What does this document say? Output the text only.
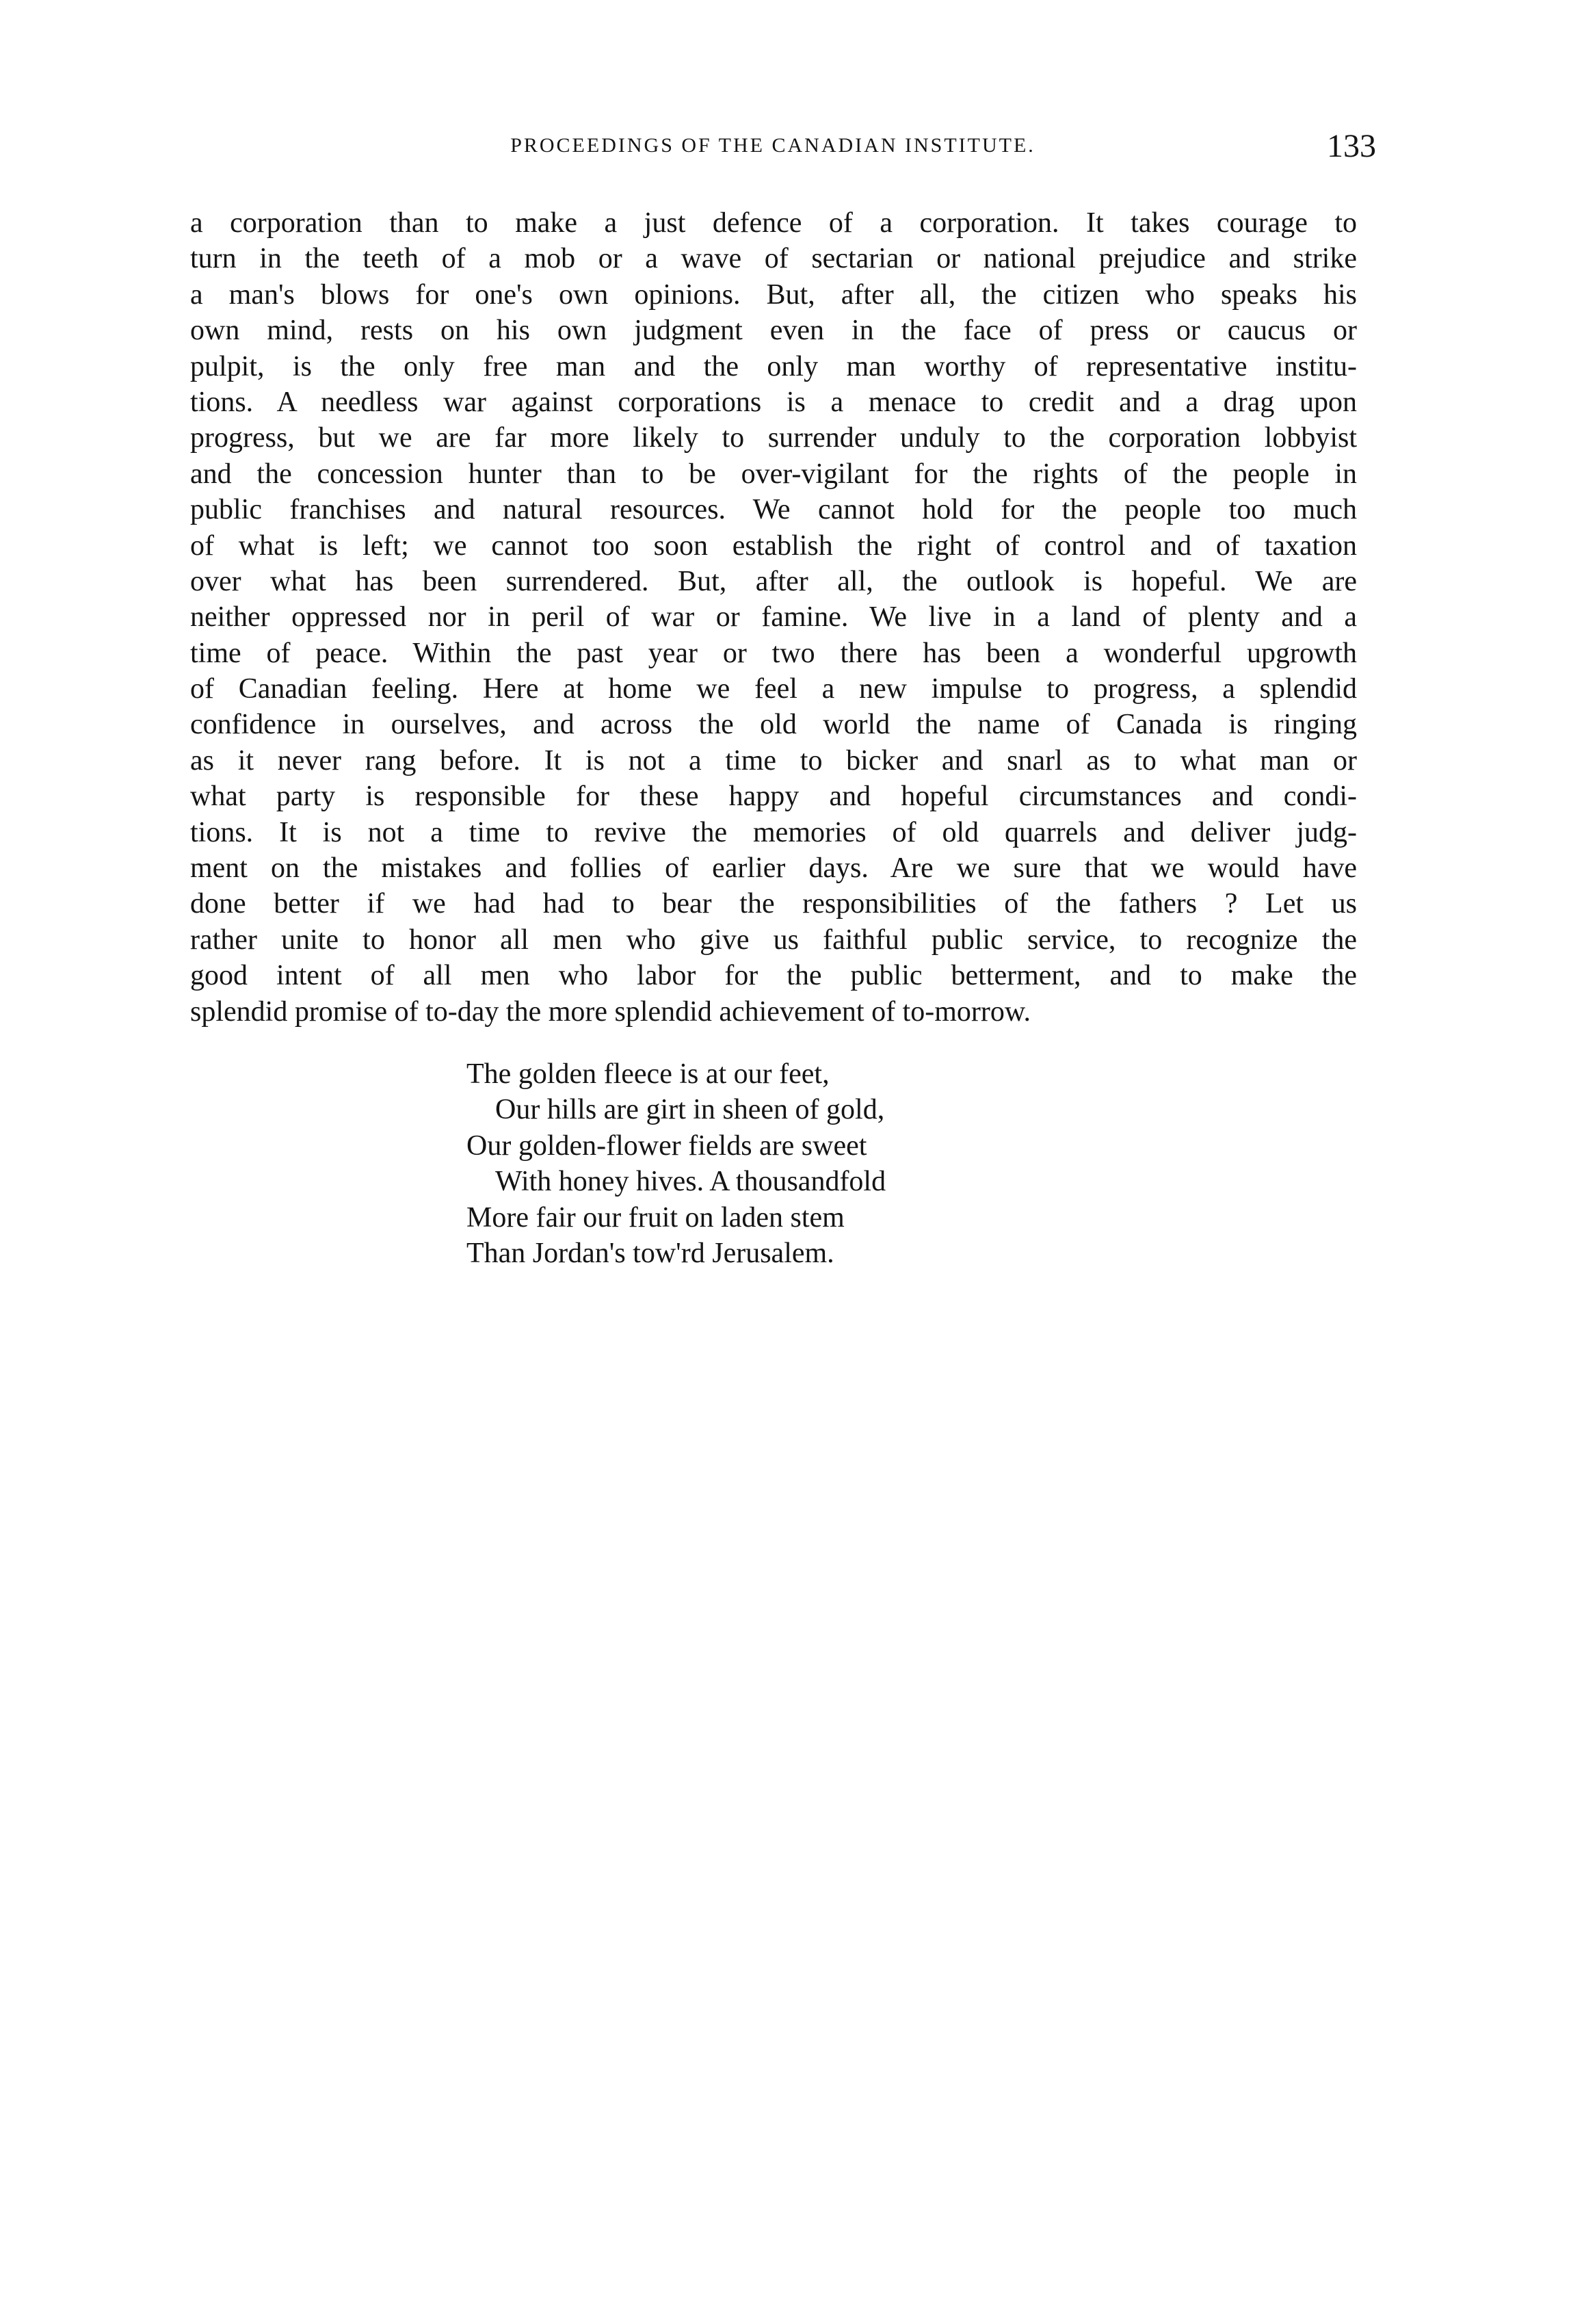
PROCEEDINGS OF THE CANADIAN INSTITUTE.	133
a corporation than to make a just defence of a corporation. It takes courage to
turn in the teeth of a mob or a wave of sectarian or national prejudice and strike
a man's blows for one's own opinions. But, after all, the citizen who speaks his
own mind, rests on his own judgment even in the face of press or caucus or
pulpit, is the only free man and the only man worthy of representative institu-
tions. A needless war against corporations is a menace to credit and a drag upon
progress, but we are far more likely to surrender unduly to the corporation lobbyist
and the concession hunter than to be over-vigilant for the rights of the people in
public franchises and natural resources. We cannot hold for the people too much
of what is left; we cannot too soon establish the right of control and of taxation
over what has been surrendered. But, after all, the outlook is hopeful. We are
neither oppressed nor in peril of war or famine. We live in a land of plenty and a
time of peace. Within the past year or two there has been a wonderful upgrowth
of Canadian feeling. Here at home we feel a new impulse to progress, a splendid
confidence in ourselves, and across the old world the name of Canada is ringing
as it never rang before. It is not a time to bicker and snarl as to what man or
what party is responsible for these happy and hopeful circumstances and condi-
tions. It is not a time to revive the memories of old quarrels and deliver judg-
ment on the mistakes and follies of earlier days. Are we sure that we would have
done better if we had had to bear the responsibilities of the fathers ? Let us
rather unite to honor all men who give us faithful public service, to recognize the
good intent of all men who labor for the public betterment, and to make the
splendid promise of to-day the more splendid achievement of to-morrow.
The golden fleece is at our feet,
Our hills are girt in sheen of gold,
Our golden-flower fields are sweet
With honey hives. A thousandfold
More fair our fruit on laden stem
Than Jordan's tow'rd Jerusalem.
